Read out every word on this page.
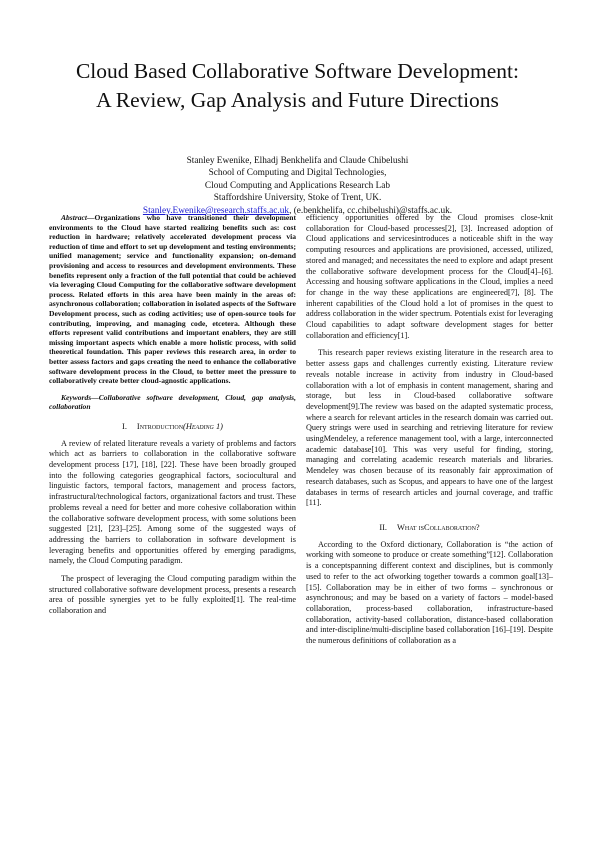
Cloud Based Collaborative Software Development:
A Review, Gap Analysis and Future Directions
Stanley Ewenike, Elhadj Benkhelifa and Claude Chibelushi
School of Computing and Digital Technologies,
Cloud Computing and Applications Research Lab
Staffordshire University, Stoke of Trent, UK.
Stanley.Ewenike@research.staffs.ac.uk, (e.benkhelifa, cc.chibelushi)@staffs.ac.uk.

Abstract—Organizations who have transitioned their development environments to the Cloud have started realizing benefits such as: cost reduction in hardware; relatively accelerated development process via reduction of time and effort to set up development and testing environments; unified management; service and functionality expansion; on-demand provisioning and access to resources and development environments. These benefits represent only a fraction of the full potential that could be achieved via leveraging Cloud Computing for the collaborative software development process. Related efforts in this area have been mainly in the areas of: asynchronous collaboration; collaboration in isolated aspects of the Software Development process, such as coding activities; use of open-source tools for contributing, improving, and managing code, etcetera. Although these efforts represent valid contributions and important enablers, they are still missing important aspects which enable a more holistic process, with solid theoretical foundation. This paper reviews this research area, in order to better assess factors and gaps creating the need to enhance the collaborative software development process in the Cloud, to better meet the pressure to collaboratively create better cloud-agnostic applications.

Keywords—Collaborative software development, Cloud, gap analysis, collaboration

I. Introduction(Heading 1)

A review of related literature reveals a variety of problems and factors which act as barriers to collaboration in the collaborative software development process [17], [18], [22]. These have been broadly grouped into the following categories geographical factors, sociocultural and linguistic factors, temporal factors, management and process factors, infrastructural/technological factors, organizational factors and trust. These problems reveal a need for better and more cohesive collaboration within the collaborative software development process, with some solutions been suggested [21], [23]–[25]. Among some of the suggested ways of addressing the barriers to collaboration in software development is leveraging benefits and opportunities offered by emerging paradigms, namely, the Cloud Computing paradigm.

The prospect of leveraging the Cloud computing paradigm within the structured collaborative software development process, presents a research area of possible synergies yet to be fully exploited[1]. The real-time collaboration and

efficiency opportunities offered by the Cloud promises close-knit collaboration for Cloud-based processes[2], [3]. Increased adoption of Cloud applications and servicesintroduces a noticeable shift in the way computing resources and applications are provisioned, accessed, utilized, stored and managed; and necessitates the need to explore and adapt present the collaborative software development process for the Cloud[4]–[6]. Accessing and housing software applications in the Cloud, implies a need for change in the way these applications are engineered[7], [8]. The inherent capabilities of the Cloud hold a lot of promises in the quest to address collaboration in the wider spectrum. Potentials exist for leveraging Cloud capabilities to adapt software development stages for better collaboration and efficiency[1].

This research paper reviews existing literature in the research area to better assess gaps and challenges currently existing. Literature review reveals notable increase in activity from industry in Cloud-based collaboration with a lot of emphasis in content management, sharing and storage, but less in Cloud-based collaborative software development[9].The review was based on the adapted systematic process, where a search for relevant articles in the research domain was carried out. Query strings were used in searching and retrieving literature for review usingMendeley, a reference management tool, with a large, interconnected academic database[10]. This was very useful for finding, storing, managing and correlating academic research materials and libraries. Mendeley was chosen because of its reasonably fair approximation of research databases, such as Scopus, and appears to have one of the largest databases in terms of research articles and journal coverage, and traffic [11].

II. What isCollaboration?

According to the Oxford dictionary, Collaboration is “the action of working with someone to produce or create something”[12]. Collaboration is a conceptspanning different context and disciplines, but is commonly used to refer to the act ofworking together towards a common goal[13]–[15]. Collaboration may be in either of two forms – synchronous or asynchronous; and may be based on a variety of factors – model-based collaboration, process-based collaboration, infrastructure-based collaboration, activity-based collaboration, distance-based collaboration and inter-discipline/multi-discipline based collaboration [16]–[19]. Despite the numerous definitions of collaboration as a
